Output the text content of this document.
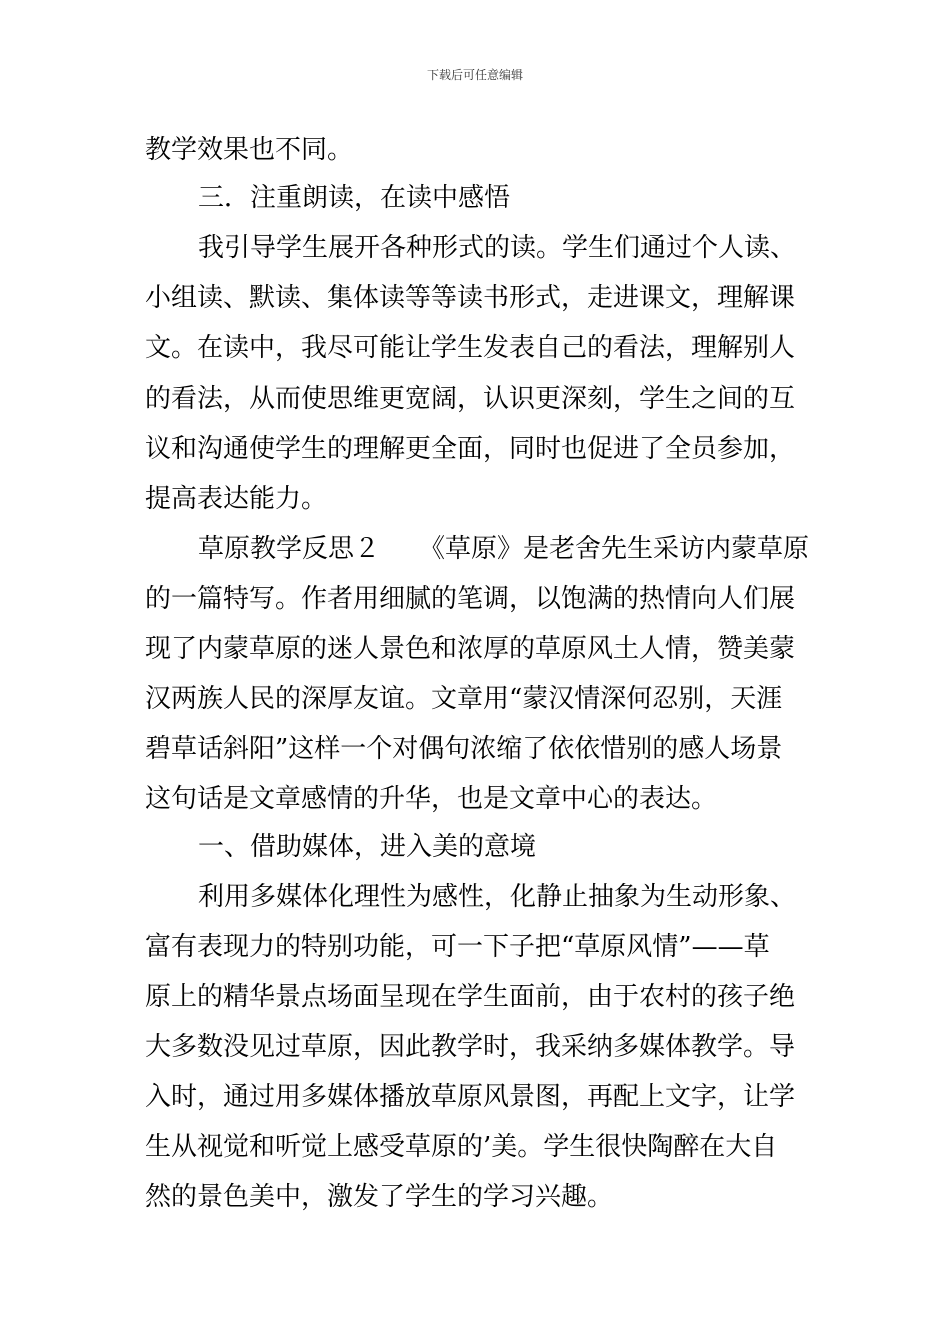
下载后可任意编辑
教学效果也不同。
三．注重朗读，在读中感悟
我引导学生展开各种形式的读。学生们通过个人读、
小组读、默读、集体读等等读书形式，走进课文，理解课
文。在读中，我尽可能让学生发表自己的看法，理解别人
的看法，从而使思维更宽阔，认识更深刻，学生之间的互
议和沟通使学生的理解更全面，同时也促进了全员参加，
提高表达能力。
草原教学反思２　　《草原》是老舍先生采访内蒙草原
的一篇特写。作者用细腻的笔调，以饱满的热情向人们展
现了内蒙草原的迷人景色和浓厚的草原风土人情，赞美蒙
汉两族人民的深厚友谊。文章用“蒙汉情深何忍别，天涯
碧草话斜阳”这样一个对偶句浓缩了依依惜别的感人场景
这句话是文章感情的升华，也是文章中心的表达。
一、借助媒体，进入美的意境
利用多媒体化理性为感性，化静止抽象为生动形象、
富有表现力的特别功能，可一下子把“草原风情”——草
原上的精华景点场面呈现在学生面前，由于农村的孩子绝
大多数没见过草原，因此教学时，我采纳多媒体教学。导
入时，通过用多媒体播放草原风景图，再配上文字，让学
生从视觉和听觉上感受草原的’美。学生很快陶醉在大自
然的景色美中，激发了学生的学习兴趣。
